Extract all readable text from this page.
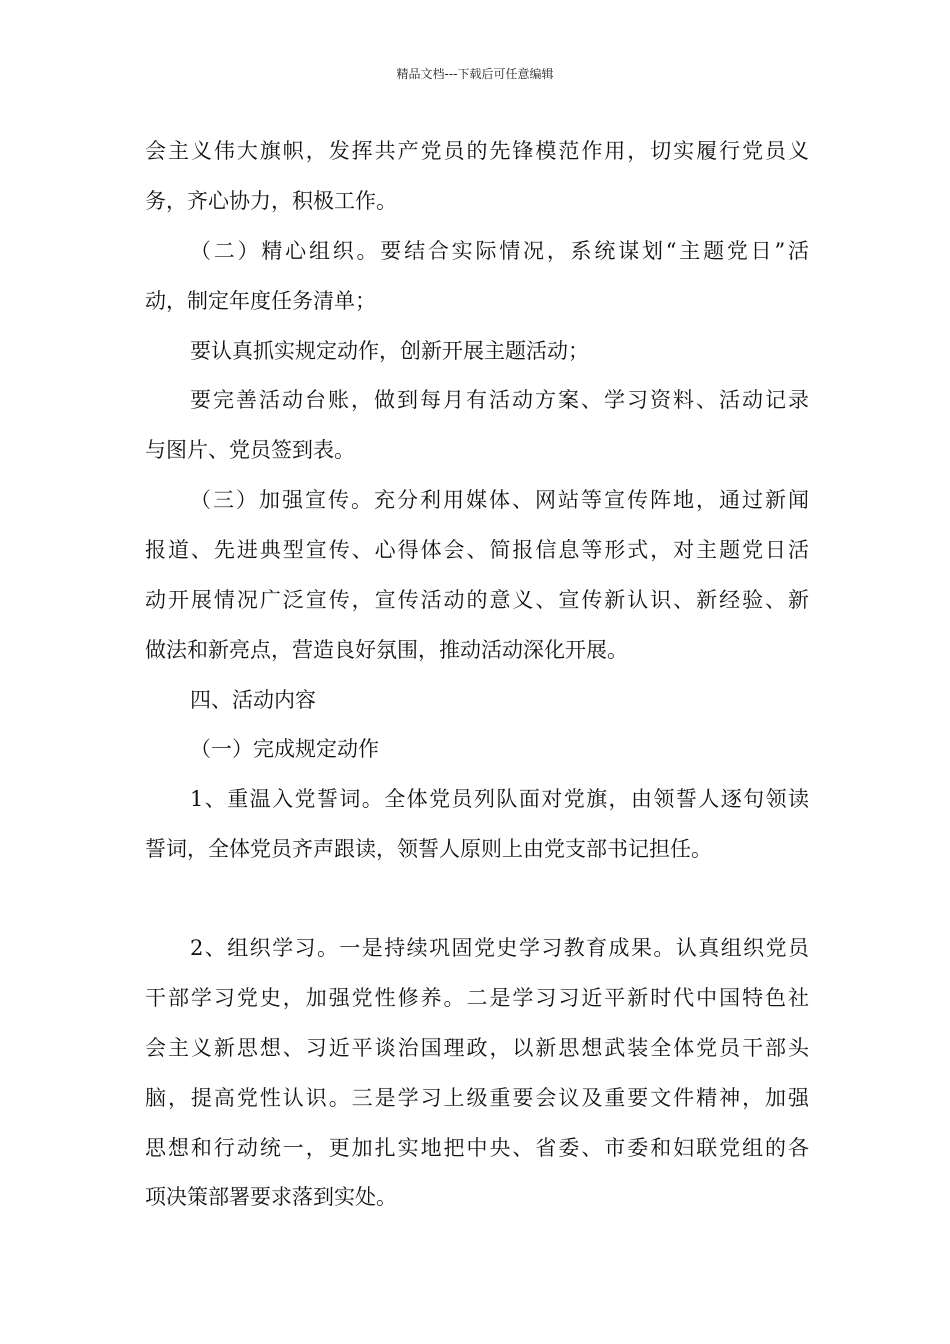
精品文档---下载后可任意编辑
会主义伟大旗帜，发挥共产党员的先锋模范作用，切实履行党员义
务，齐心协力，积极工作。
（二）精心组织。要结合实际情况，系统谋划“主题党日”活
动，制定年度任务清单；
要认真抓实规定动作，创新开展主题活动；
要完善活动台账，做到每月有活动方案、学习资料、活动记录
与图片、党员签到表。
（三）加强宣传。充分利用媒体、网站等宣传阵地，通过新闻
报道、先进典型宣传、心得体会、简报信息等形式，对主题党日活
动开展情况广泛宣传，宣传活动的意义、宣传新认识、新经验、新
做法和新亮点，营造良好氛围，推动活动深化开展。
四、活动内容
（一）完成规定动作
1、重温入党誓词。全体党员列队面对党旗，由领誓人逐句领读
誓词，全体党员齐声跟读，领誓人原则上由党支部书记担任。
2、组织学习。一是持续巩固党史学习教育成果。认真组织党员
干部学习党史，加强党性修养。二是学习习近平新时代中国特色社
会主义新思想、习近平谈治国理政，以新思想武装全体党员干部头
脑，提高党性认识。三是学习上级重要会议及重要文件精神，加强
思想和行动统一，更加扎实地把中央、省委、市委和妇联党组的各
项决策部署要求落到实处。
